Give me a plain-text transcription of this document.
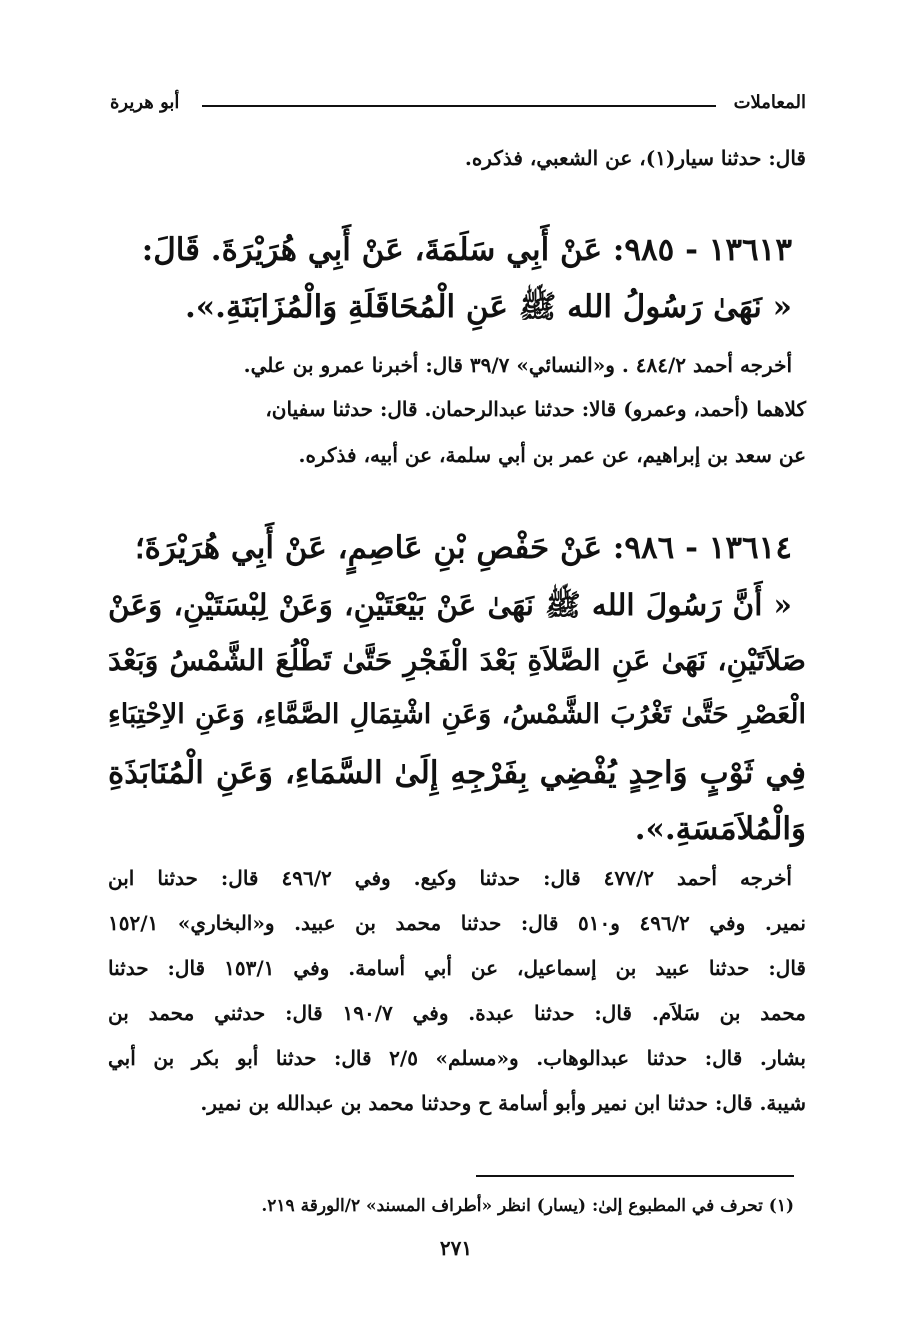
المعاملات
أبو هريرة
قال: حدثنا سيار(١)، عن الشعبي، فذكره.
١٣٦١٣ - ٩٨٥: عَنْ أَبِي سَلَمَةَ، عَنْ أَبِي هُرَيْرَةَ. قَالَ:
« نَهَىٰ رَسُولُ الله ﷺ عَنِ الْمُحَاقَلَةِ وَالْمُزَابَنَةِ.».
أخرجه أحمد ٤٨٤/٢ . و«النسائي» ٣٩/٧ قال: أخبرنا عمرو بن علي.
كلاهما (أحمد، وعمرو) قالا: حدثنا عبدالرحمان. قال: حدثنا سفيان،
عن سعد بن إبراهيم، عن عمر بن أبي سلمة، عن أبيه، فذكره.
١٣٦١٤ - ٩٨٦: عَنْ حَفْصِ بْنِ عَاصِمٍ، عَنْ أَبِي هُرَيْرَةَ؛
« أَنَّ رَسُولَ الله ﷺ نَهَىٰ عَنْ بَيْعَتَيْنِ، وَعَنْ لِبْسَتَيْنِ، وَعَنْ
صَلاَتَيْنِ، نَهَىٰ عَنِ الصَّلاَةِ بَعْدَ الْفَجْرِ حَتَّىٰ تَطْلُعَ الشَّمْسُ وَبَعْدَ
الْعَصْرِ حَتَّىٰ تَغْرُبَ الشَّمْسُ، وَعَنِ اشْتِمَالِ الصَّمَّاءِ، وَعَنِ الاِحْتِبَاءِ
فِي ثَوْبٍ وَاحِدٍ يُفْضِي بِفَرْجِهِ إِلَىٰ السَّمَاءِ، وَعَنِ الْمُنَابَذَةِ
وَالْمُلاَمَسَةِ.».
أخرجه أحمد ٤٧٧/٢ قال: حدثنا وكيع. وفي ٤٩٦/٢ قال: حدثنا ابن
نمير. وفي ٤٩٦/٢ و٥١٠ قال: حدثنا محمد بن عبيد. و«البخاري» ١٥٢/١
قال: حدثنا عبيد بن إسماعيل، عن أبي أسامة. وفي ١٥٣/١ قال: حدثنا
محمد بن سَلاَم. قال: حدثنا عبدة. وفي ١٩٠/٧ قال: حدثني محمد بن
بشار. قال: حدثنا عبدالوهاب. و«مسلم» ٢/٥ قال: حدثنا أبو بكر بن أبي
شيبة. قال: حدثنا ابن نمير وأبو أسامة ح وحدثنا محمد بن عبدالله بن نمير.
(١) تحرف في المطبوع إلىٰ: (يسار) انظر «أطراف المسند» ٢/الورقة ٢١٩.
٢٧١
